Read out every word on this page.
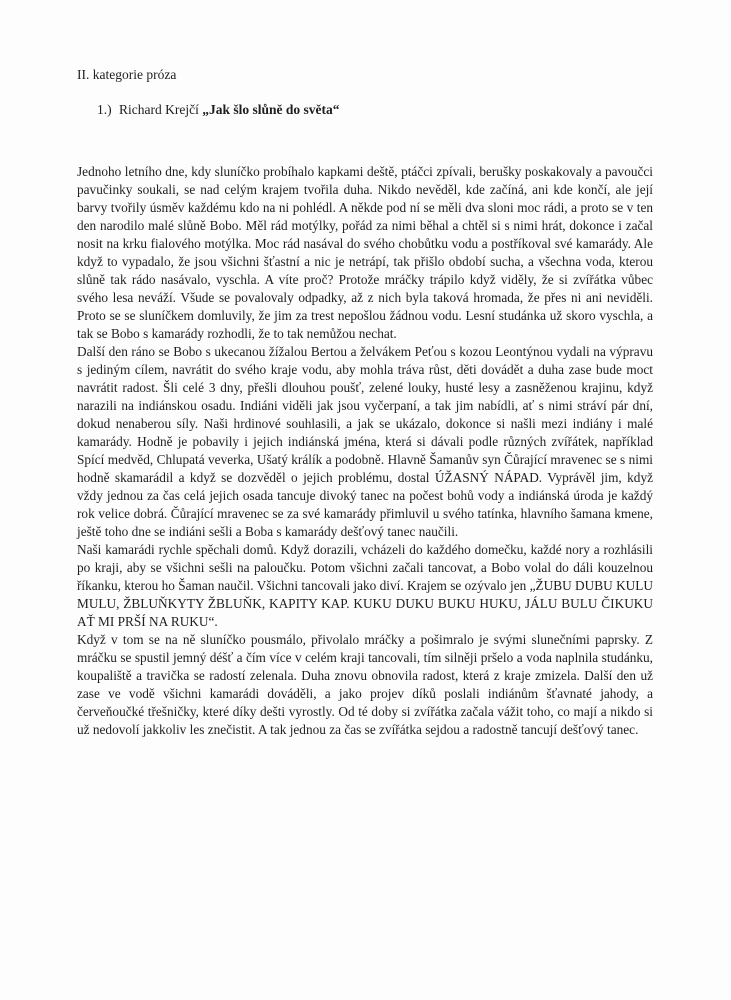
II. kategorie próza
1.) Richard Krejčí „Jak šlo slůně do světa“

Jednoho letního dne, kdy sluníčko probíhalo kapkami deště, ptáčci zpívali, berušky poskakovaly a pavoučci pavučinky soukali, se nad celým krajem tvořila duha. Nikdo nevěděl, kde začíná, ani kde končí, ale její barvy tvořily úsměv každému kdo na ni pohlédl. A někde pod ní se měli dva sloni moc rádi, a proto se v ten den narodilo malé slůně Bobo. Měl rád motýlky, pořád za nimi běhal a chtěl si s nimi hrát, dokonce i začal nosit na krku fialového motýlka. Moc rád nasával do svého chobůtku vodu a postříkoval své kamarády. Ale když to vypadalo, že jsou všichni šťastní a nic je netrápí, tak přišlo období sucha, a všechna voda, kterou slůně tak rádo nasávalo, vyschla. A víte proč? Protože mráčky trápilo když viděly, že si zvířátka vůbec svého lesa neváží. Všude se povalovaly odpadky, až z nich byla taková hromada, že přes ni ani neviděli. Proto se se sluníčkem domluvily, že jim za trest nepošlou žádnou vodu. Lesní studánka už skoro vyschla, a tak se Bobo s kamarády rozhodli, že to tak nemůžou nechat.

Další den ráno se Bobo s ukecanou žížalou Bertou a želvákem Peťou s kozou Leontýnou vydali na výpravu s jediným cílem, navrátit do svého kraje vodu, aby mohla tráva růst, děti dovádět a duha zase bude moct navrátit radost. Šli celé 3 dny, přešli dlouhou poušť, zelené louky, husté lesy a zasněženou krajinu, když narazili na indiánskou osadu. Indiáni viděli jak jsou vyčerpaní, a tak jim nabídli, ať s nimi stráví pár dní, dokud nenaberou síly. Naši hrdinové souhlasili, a jak se ukázalo, dokonce si našli mezi indiány i malé kamarády. Hodně je pobavily i jejich indiánská jména, která si dávali podle různých zvířátek, například Spící medvěd, Chlupatá veverka, Ušatý králík a podobně. Hlavně Šamanův syn Čůrající mravenec se s nimi hodně skamarádil a když se dozvěděl o jejich problému, dostal ÚŽASNÝ NÁPAD. Vyprávěl jim, když vždy jednou za čas celá jejich osada tancuje divoký tanec na počest bohů vody a indiánská úroda je každý rok velice dobrá. Čůrající mravenec se za své kamarády přimluvil u svého tatínka, hlavního šamana kmene, ještě toho dne se indiáni sešli a Boba s kamarády dešťový tanec naučili.

Naši kamarádi rychle spěchali domů. Když dorazili, vcházeli do každého domečku, každé nory a rozhlásili po kraji, aby se všichni sešli na paloučku. Potom všichni začali tancovat, a Bobo volal do dáli kouzelnou říkanku, kterou ho Šaman naučil. Všichni tancovali jako diví. Krajem se ozývalo jen „ŽUBU DUBU KULU MULU, ŽBLUŇKYTY ŽBLUŇK, KAPITY KAP. KUKU DUKU BUKU HUKU, JÁLU BULU ČIKUKU AŤ MI PRŠÍ NA RUKU“.

Když v tom se na ně sluníčko pousmálo, přivolalo mráčky a pošimralo je svými slunečními paprsky. Z mráčku se spustil jemný déšť a čím více v celém kraji tancovali, tím silněji pršelo a voda naplnila studánku, koupaliště a travička se radostí zelenala. Duha znovu obnovila radost, která z kraje zmizela. Další den už zase ve vodě všichni kamarádi dováděli, a jako projev díků poslali indiánům šťavnaté jahody, a červeňoučké třešničky, které díky dešti vyrostly. Od té doby si zvířátka začala vážit toho, co mají a nikdo si už nedovolí jakkoliv les znečistit. A tak jednou za čas se zvířátka sejdou a radostně tancují dešťový tanec.
